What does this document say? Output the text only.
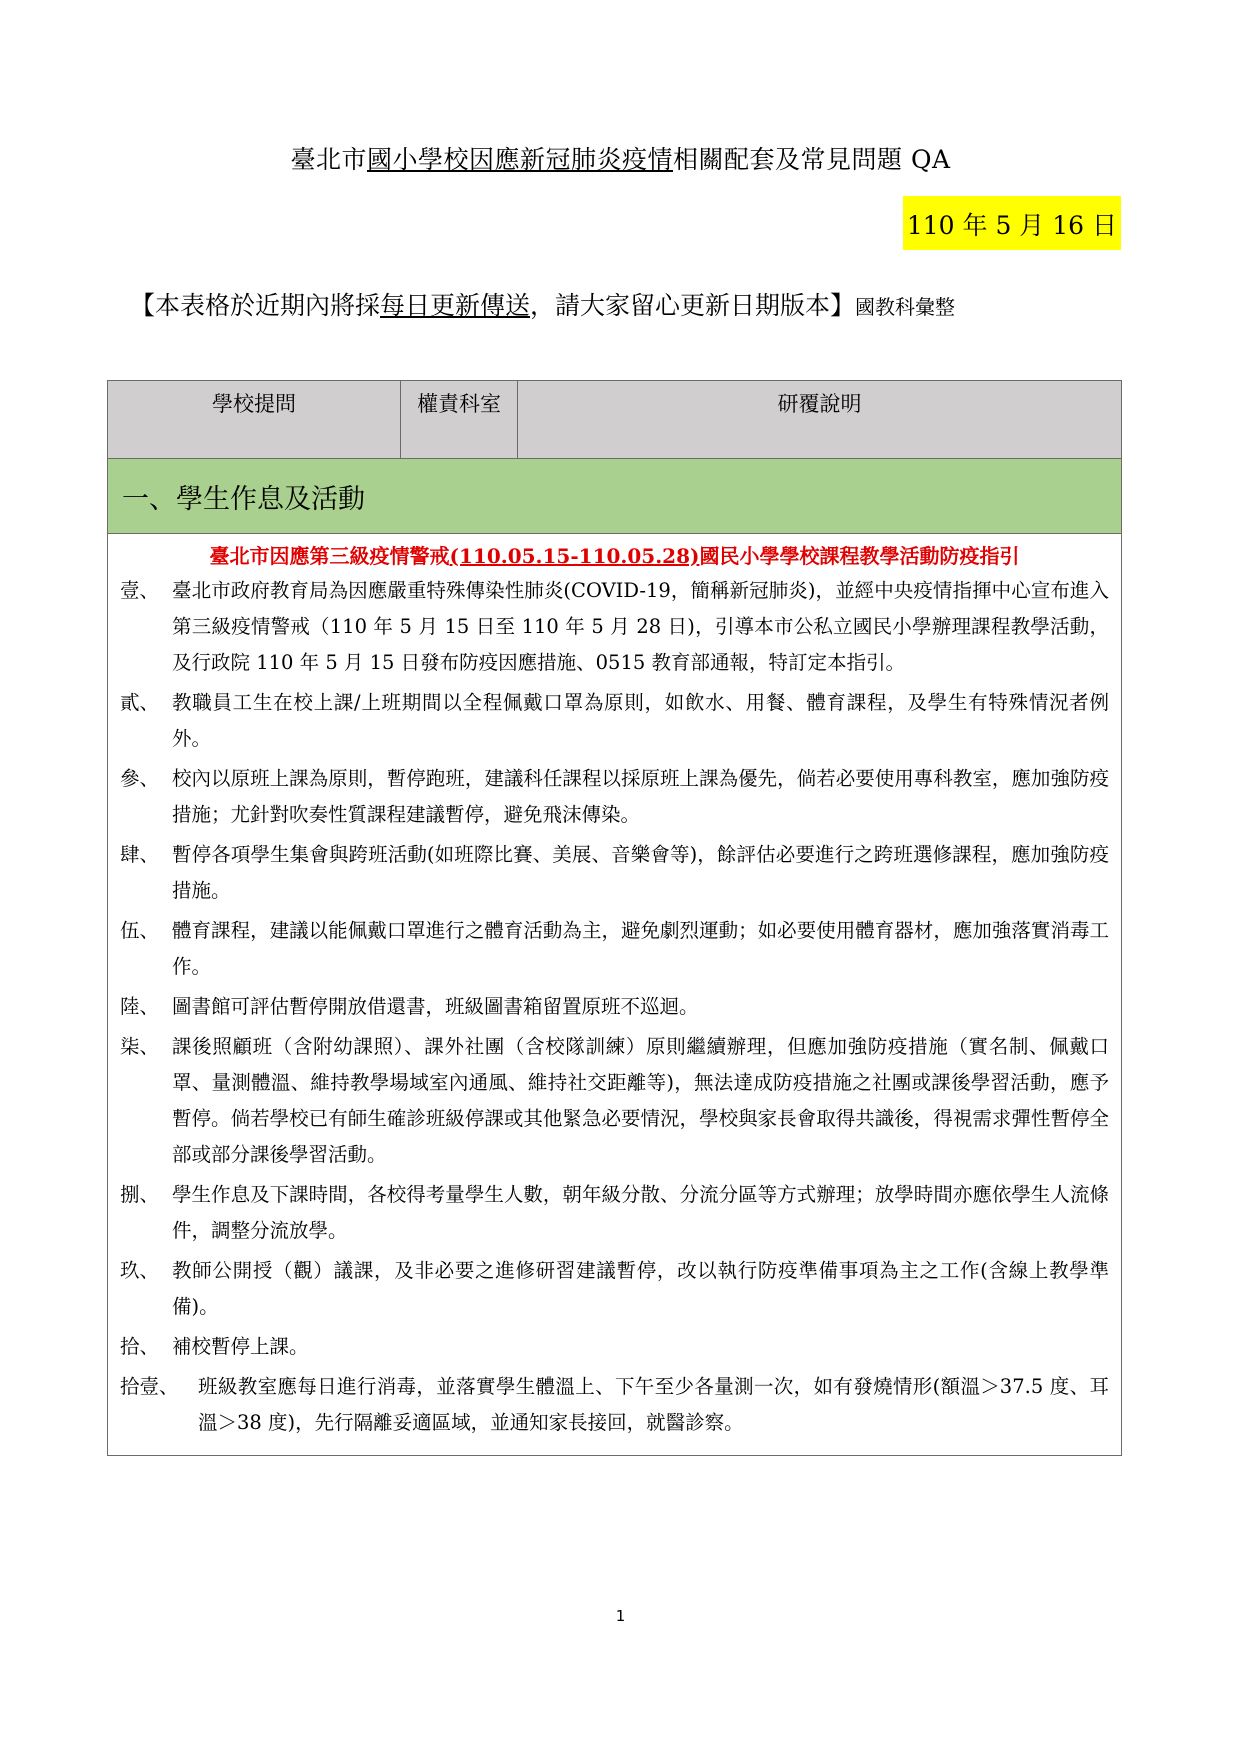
臺北市國小學校因應新冠肺炎疫情相關配套及常見問題 QA
110 年 5 月 16 日
【本表格於近期內將採每日更新傳送，請大家留心更新日期版本】國教科彙整
學校提問	權責科室	研覆說明
一、學生作息及活動

臺北市因應第三級疫情警戒(110.05.15-110.05.28)國民小學學校課程教學活動防疫指引
壹、 臺北市政府教育局為因應嚴重特殊傳染性肺炎(COVID-19，簡稱新冠肺炎)，並經中央疫情指揮中心宣布進入第三級疫情警戒（110 年 5 月 15 日至 110 年 5 月 28 日)，引導本市公私立國民小學辦理課程教學活動，及行政院 110 年 5 月 15 日發布防疫因應措施、0515 教育部通報，特訂定本指引。
貳、 教職員工生在校上課/上班期間以全程佩戴口罩為原則，如飲水、用餐、體育課程，及學生有特殊情況者例外。
參、 校內以原班上課為原則，暫停跑班，建議科任課程以採原班上課為優先，倘若必要使用專科教室，應加強防疫措施；尤針對吹奏性質課程建議暫停，避免飛沫傳染。
肆、 暫停各項學生集會與跨班活動(如班際比賽、美展、音樂會等)，餘評估必要進行之跨班選修課程，應加強防疫措施。
伍、 體育課程，建議以能佩戴口罩進行之體育活動為主，避免劇烈運動；如必要使用體育器材，應加強落實消毒工作。
陸、 圖書館可評估暫停開放借還書，班級圖書箱留置原班不巡迴。
柒、 課後照顧班（含附幼課照）、課外社團（含校隊訓練）原則繼續辦理，但應加強防疫措施（實名制、佩戴口罩、量測體溫、維持教學場域室內通風、維持社交距離等)，無法達成防疫措施之社團或課後學習活動，應予暫停。倘若學校已有師生確診班級停課或其他緊急必要情況，學校與家長會取得共識後，得視需求彈性暫停全部或部分課後學習活動。
捌、 學生作息及下課時間，各校得考量學生人數，朝年級分散、分流分區等方式辦理；放學時間亦應依學生人流條件，調整分流放學。
玖、 教師公開授（觀）議課，及非必要之進修研習建議暫停，改以執行防疫準備事項為主之工作(含線上教學準備)。
拾、 補校暫停上課。
拾壹、 班級教室應每日進行消毒，並落實學生體溫上、下午至少各量測一次，如有發燒情形(額溫＞37.5 度、耳溫＞38 度)，先行隔離妥適區域，並通知家長接回，就醫診察。
1
